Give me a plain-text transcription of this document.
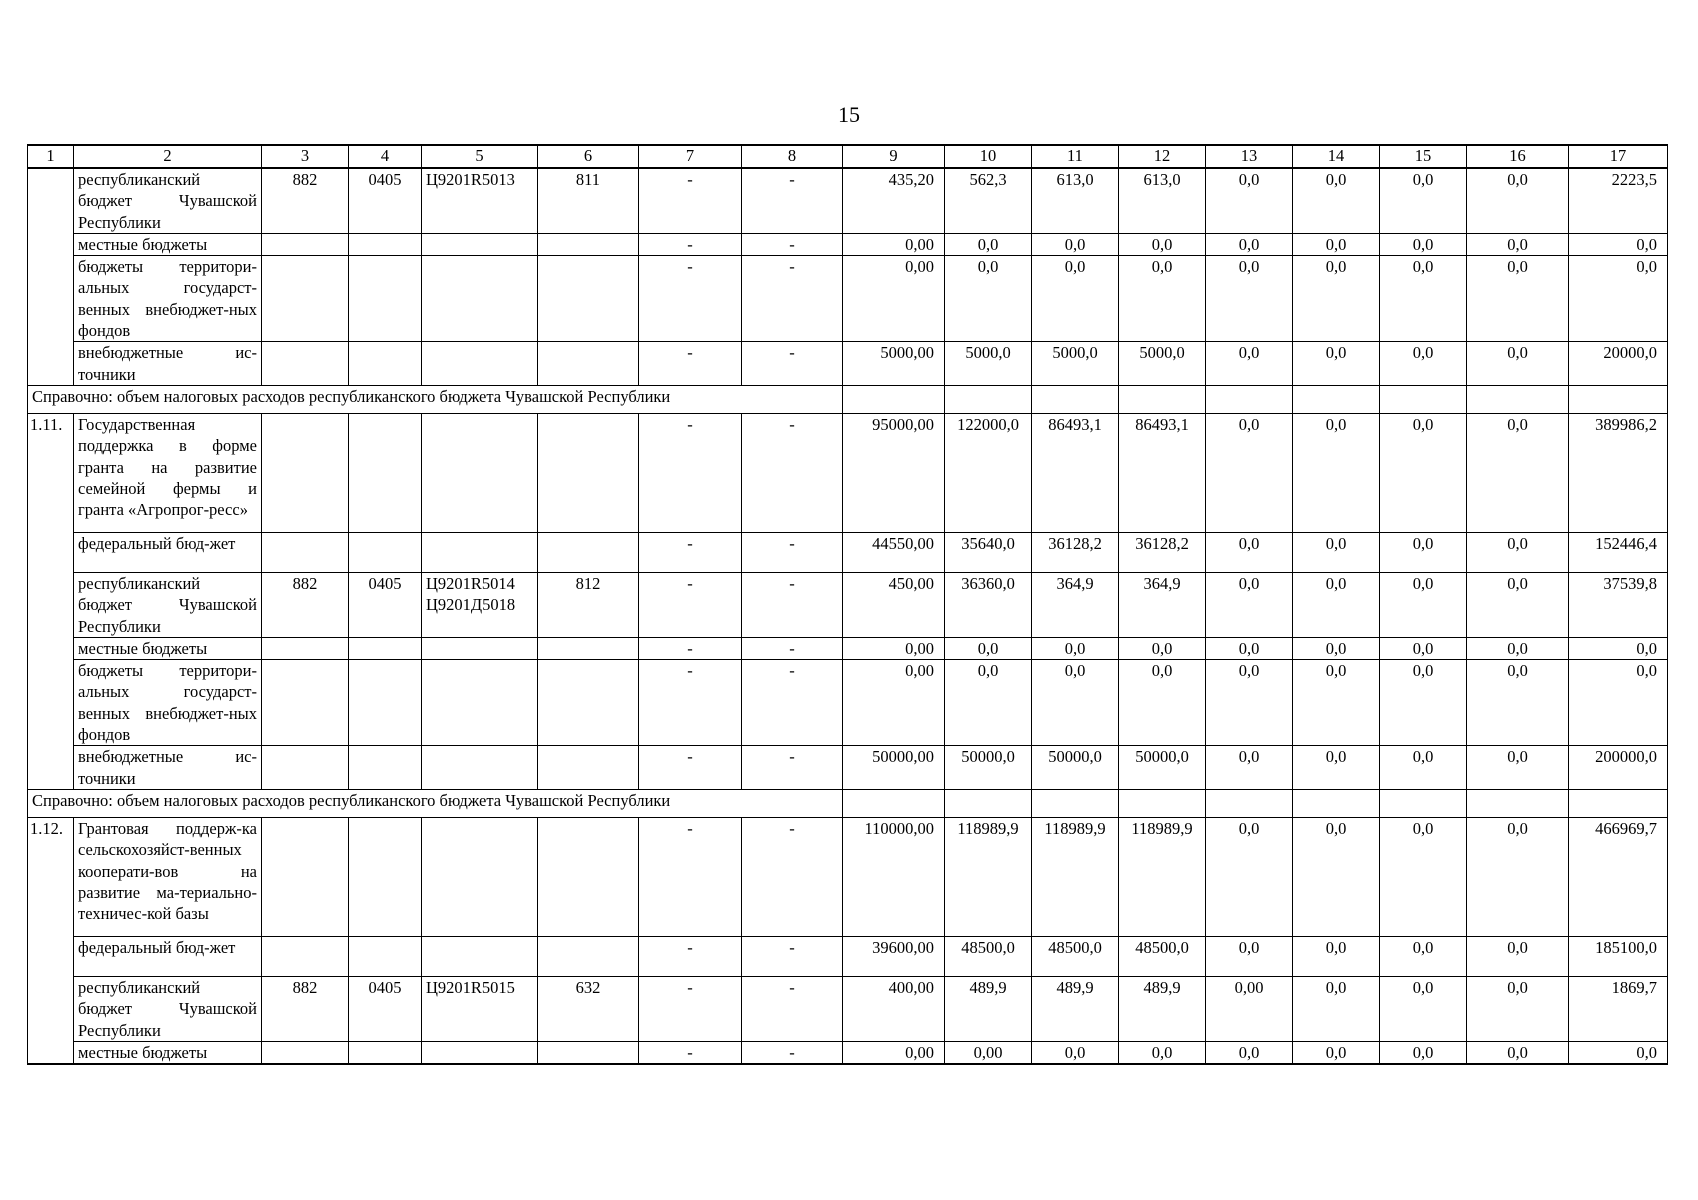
15
1	2	3	4	5	6	7	8	9	10	11	12	13	14	15	16	17
	республиканский бюджет Чувашской Республики	882	0405	Ц9201R5013	811	-	-	435,20	562,3	613,0	613,0	0,0	0,0	0,0	0,0	2223,5
	местные бюджеты					-	-	0,00	0,0	0,0	0,0	0,0	0,0	0,0	0,0	0,0
	бюджеты территори-альных государст-венных внебюджет-ных фондов					-	-	0,00	0,0	0,0	0,0	0,0	0,0	0,0	0,0	0,0
	внебюджетные ис-точники					-	-	5000,00	5000,0	5000,0	5000,0	0,0	0,0	0,0	0,0	20000,0
Справочно: объем налоговых расходов республиканского бюджета Чувашской Республики																
1.11.	Государственная поддержка в форме гранта на развитие семейной фермы и гранта «Агропрог-ресс»					-	-	95000,00	122000,0	86493,1	86493,1	0,0	0,0	0,0	0,0	389986,2
	федеральный бюд-жет					-	-	44550,00	35640,0	36128,2	36128,2	0,0	0,0	0,0	0,0	152446,4
	республиканский бюджет Чувашской Республики	882	0405	Ц9201R5014 Ц9201Д5018	812	-	-	450,00	36360,0	364,9	364,9	0,0	0,0	0,0	0,0	37539,8
	местные бюджеты					-	-	0,00	0,0	0,0	0,0	0,0	0,0	0,0	0,0	0,0
	бюджеты территори-альных государст-венных внебюджет-ных фондов					-	-	0,00	0,0	0,0	0,0	0,0	0,0	0,0	0,0	0,0
	внебюджетные ис-точники					-	-	50000,00	50000,0	50000,0	50000,0	0,0	0,0	0,0	0,0	200000,0
Справочно: объем налоговых расходов республиканского бюджета Чувашской Республики																
1.12.	Грантовая поддерж-ка сельскохозяйст-венных кооперати-вов на развитие ма-териально-техничес-кой базы					-	-	110000,00	118989,9	118989,9	118989,9	0,0	0,0	0,0	0,0	466969,7
	федеральный бюд-жет					-	-	39600,00	48500,0	48500,0	48500,0	0,0	0,0	0,0	0,0	185100,0
	республиканский бюджет Чувашской Республики	882	0405	Ц9201R5015	632	-	-	400,00	489,9	489,9	489,9	0,00	0,0	0,0	0,0	1869,7
	местные бюджеты					-	-	0,00	0,00	0,0	0,0	0,0	0,0	0,0	0,0	0,0
